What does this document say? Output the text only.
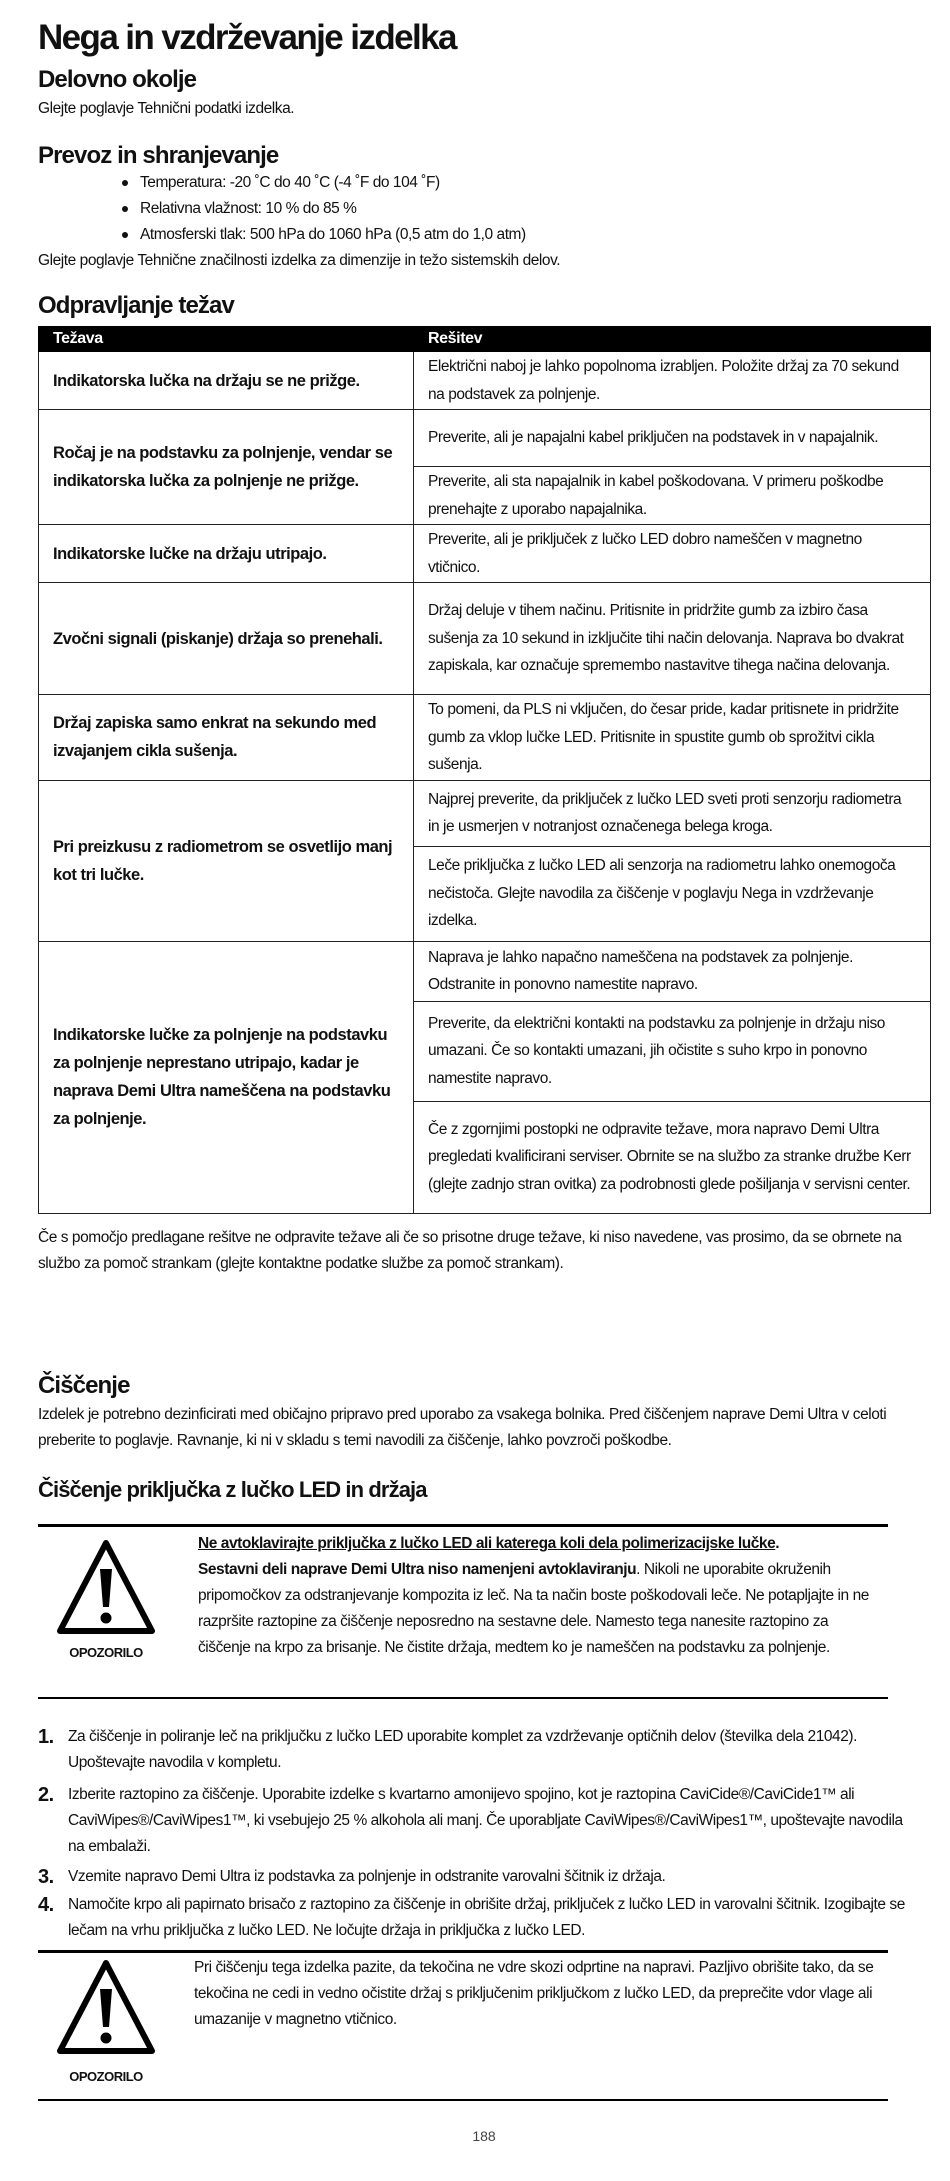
Nega in vzdrževanje izdelka
Delovno okolje
Glejte poglavje Tehnični podatki izdelka.
Prevoz in shranjevanje
Temperatura: -20 ˚C do 40 ˚C (-4 ˚F do 104 ˚F)
Relativna vlažnost: 10 % do 85 %
Atmosferski tlak: 500 hPa do 1060 hPa (0,5 atm do 1,0 atm)
Glejte poglavje Tehnične značilnosti izdelka za dimenzije in težo sistemskih delov.
Odpravljanje težav
Težava	Rešitev
Indikatorska lučka na držaju se ne prižge.	Električni naboj je lahko popolnoma izrabljen. Položite držaj za 70 sekund na podstavek za polnjenje.
Ročaj je na podstavku za polnjenje, vendar se indikatorska lučka za polnjenje ne prižge.	Preverite, ali je napajalni kabel priključen na podstavek in v napajalnik.
	Preverite, ali sta napajalnik in kabel poškodovana. V primeru poškodbe prenehajte z uporabo napajalnika.
Indikatorske lučke na držaju utripajo.	Preverite, ali je priključek z lučko LED dobro nameščen v magnetno vtičnico.
Zvočni signali (piskanje) držaja so prenehali.	Držaj deluje v tihem načinu. Pritisnite in pridržite gumb za izbiro časa sušenja za 10 sekund in izključite tihi način delovanja. Naprava bo dvakrat zapiskala, kar označuje spremembo nastavitve tihega načina delovanja.
Držaj zapiska samo enkrat na sekundo med izvajanjem cikla sušenja.	To pomeni, da PLS ni vključen, do česar pride, kadar pritisnete in pridržite gumb za vklop lučke LED. Pritisnite in spustite gumb ob sprožitvi cikla sušenja.
Pri preizkusu z radiometrom se osvetlijo manj kot tri lučke.	Najprej preverite, da priključek z lučko LED sveti proti senzorju radiometra in je usmerjen v notranjost označenega belega kroga.
	Leče priključka z lučko LED ali senzorja na radiometru lahko onemogoča nečistoča. Glejte navodila za čiščenje v poglavju Nega in vzdrževanje izdelka.
Indikatorske lučke za polnjenje na podstavku za polnjenje neprestano utripajo, kadar je naprava Demi Ultra nameščena na podstavku za polnjenje.	Naprava je lahko napačno nameščena na podstavek za polnjenje. Odstranite in ponovno namestite napravo.
	Preverite, da električni kontakti na podstavku za polnjenje in držaju niso umazani. Če so kontakti umazani, jih očistite s suho krpo in ponovno namestite napravo.
	Če z zgornjimi postopki ne odpravite težave, mora napravo Demi Ultra pregledati kvalificirani serviser. Obrnite se na službo za stranke družbe Kerr (glejte zadnjo stran ovitka) za podrobnosti glede pošiljanja v servisni center.
Če s pomočjo predlagane rešitve ne odpravite težave ali če so prisotne druge težave, ki niso navedene, vas prosimo, da se obrnete na službo za pomoč strankam (glejte kontaktne podatke službe za pomoč strankam).
Čiščenje
Izdelek je potrebno dezinficirati med običajno pripravo pred uporabo za vsakega bolnika. Pred čiščenjem naprave Demi Ultra v celoti preberite to poglavje. Ravnanje, ki ni v skladu s temi navodili za čiščenje, lahko povzroči poškodbe.
Čiščenje priključka z lučko LED in držaja
OPOZORILO
Ne avtoklavirajte priključka z lučko LED ali katerega koli dela polimerizacijske lučke.
Sestavni deli naprave Demi Ultra niso namenjeni avtoklaviranju. Nikoli ne uporabite okruženih pripomočkov za odstranjevanje kompozita iz leč. Na ta način boste poškodovali leče. Ne potapljajte in ne razpršite raztopine za čiščenje neposredno na sestavne dele. Namesto tega nanesite raztopino za čiščenje na krpo za brisanje. Ne čistite držaja, medtem ko je nameščen na podstavku za polnjenje.
1. Za čiščenje in poliranje leč na priključku z lučko LED uporabite komplet za vzdrževanje optičnih delov (številka dela 21042). Upoštevajte navodila v kompletu.
2. Izberite raztopino za čiščenje. Uporabite izdelke s kvartarno amonijevo spojino, kot je raztopina CaviCide®/CaviCide1™ ali CaviWipes®/CaviWipes1™, ki vsebujejo 25 % alkohola ali manj. Če uporabljate CaviWipes®/CaviWipes1™, upoštevajte navodila na embalaži.
3. Vzemite napravo Demi Ultra iz podstavka za polnjenje in odstranite varovalni ščitnik iz držaja.
4. Namočite krpo ali papirnato brisačo z raztopino za čiščenje in obrišite držaj, priključek z lučko LED in varovalni ščitnik. Izogibajte se lečam na vrhu priključka z lučko LED. Ne ločujte držaja in priključka z lučko LED.
OPOZORILO
Pri čiščenju tega izdelka pazite, da tekočina ne vdre skozi odprtine na napravi. Pazljivo obrišite tako, da se tekočina ne cedi in vedno očistite držaj s priključenim priključkom z lučko LED, da preprečite vdor vlage ali umazanije v magnetno vtičnico.
188
